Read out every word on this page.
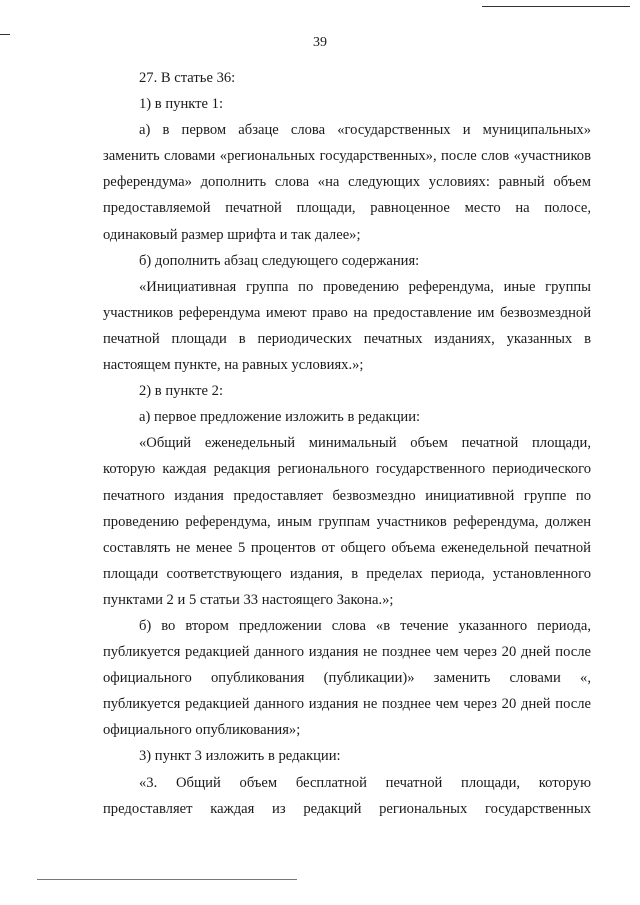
39

27. В статье 36:

1) в пункте 1:

а) в первом абзаце слова «государственных и муниципальных» заменить словами «региональных государственных», после слов «участников референдума» дополнить слова «на следующих условиях: равный объем предоставляемой печатной площади, равноценное место на полосе, одинаковый размер шрифта и так далее»;

б) дополнить абзац следующего содержания:

«Инициативная группа по проведению референдума, иные группы участников референдума имеют право на предоставление им безвозмездной печатной площади в периодических печатных изданиях, указанных в настоящем пункте, на равных условиях.»;

2) в пункте 2:

а) первое предложение изложить в редакции:

«Общий еженедельный минимальный объем печатной площади, которую каждая редакция регионального государственного периодического печатного издания предоставляет безвозмездно инициативной группе по проведению референдума, иным группам участников референдума, должен составлять не менее 5 процентов от общего объема еженедельной печатной площади соответствующего издания, в пределах периода, установленного пунктами 2 и 5 статьи 33 настоящего Закона.»;

б) во втором предложении слова «в течение указанного периода, публикуется редакцией данного издания не позднее чем через 20 дней после официального опубликования (публикации)» заменить словами «, публикуется редакцией данного издания не позднее чем через 20 дней после официального опубликования»;

3) пункт 3 изложить в редакции:

«3. Общий объем бесплатной печатной площади, которую предоставляет каждая из редакций региональных государственных
